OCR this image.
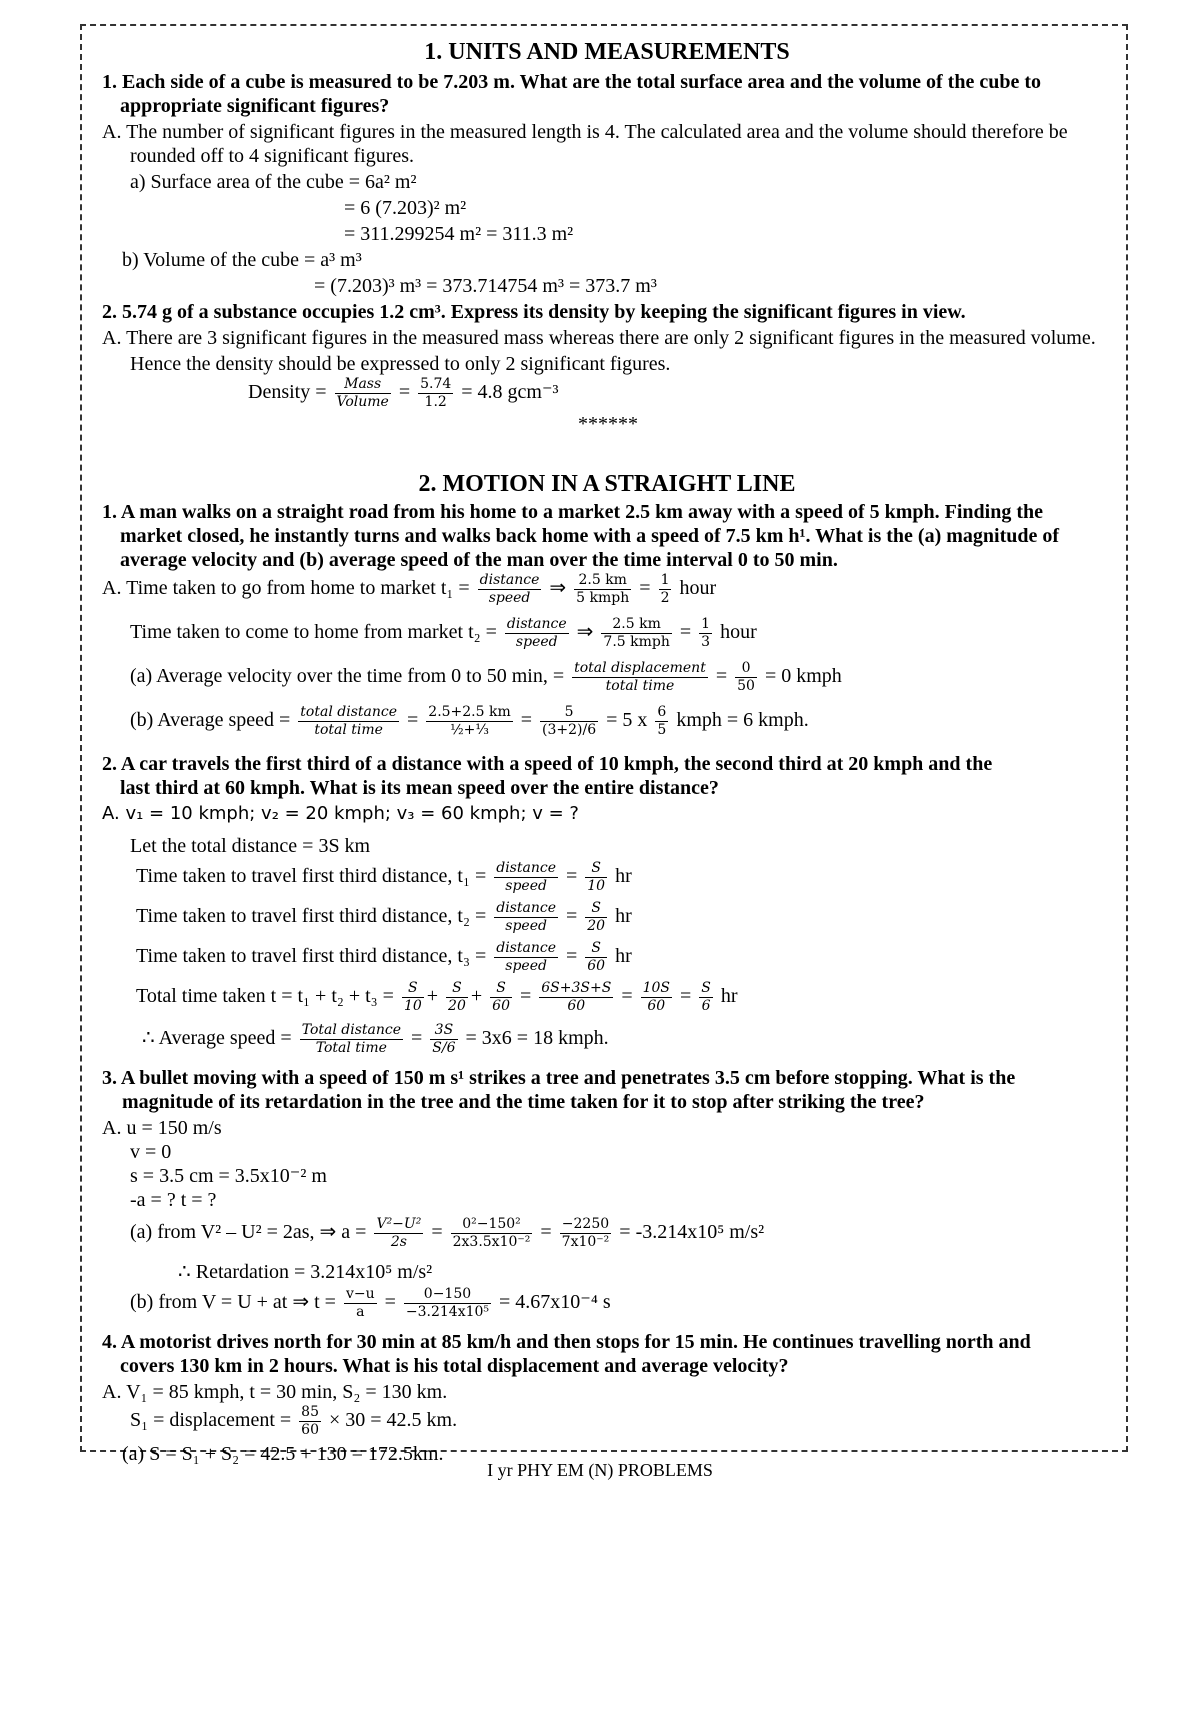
1. UNITS AND MEASUREMENTS
1. Each side of a cube is measured to be 7.203 m. What are the total surface area and the volume of the cube to
appropriate significant figures?
A. The number of significant figures in the measured length is 4. The calculated area and the volume should therefore be
rounded off to 4 significant figures.
a) Surface area of the cube = 6a² m²
= 6 (7.203)² m²
= 311.299254 m² = 311.3 m²
b) Volume of the cube = a³ m³
= (7.203)³ m³ = 373.714754 m³ = 373.7 m³
2. 5.74 g of a substance occupies 1.2 cm³. Express its density by keeping the significant figures in view.
A. There are 3 significant figures in the measured mass whereas there are only 2 significant figures in the measured volume.
Hence the density should be expressed to only 2 significant figures.
Density = $\frac{\text{Mass}}{\text{Volume}} = \frac{5.74}{1.2} = 4.8$ gcm⁻³
******
2. MOTION IN A STRAIGHT LINE
1. A man walks on a straight road from his home to a market 2.5 km away with a speed of 5 kmph. Finding the
market closed, he instantly turns and walks back home with a speed of 7.5 km h¹. What is the (a) magnitude of
average velocity and (b) average speed of the man over the time interval 0 to 50 min.
A. Time taken to go from home to market $t_1 = \frac{\text{distance}}{\text{speed}}$ ⇒ $\frac{2.5 km}{\text{5 kmph}} = \frac{1}{2}$ hour
Time taken to come to home from market $t_2 = \frac{\text{distance}}{\text{speed}}$ ⇒ $\frac{2.5 km}{\text{7.5 kmph}} = \frac{1}{3}$ hour
(a) Average velocity over the time from 0 to 50 min, = $\frac{\text{total displacement}}{\text{total time}} = \frac{0}{50} = 0$ kmph
(b) Average speed = $\frac{\text{total distance}}{\text{total time}} = \frac{2.5+2.5 km}{\text{½+⅓}} = \frac{5}{(3+2)/6} = 5$ x $\frac{6}{5}$ kmph = 6 kmph.
2. A car travels the first third of a distance with a speed of 10 kmph, the second third at 20 kmph and the
last third at 60 kmph. What is its mean speed over the entire distance?
A. v₁ = 10 kmph; v₂ = 20 kmph; v₃ = 60 kmph; v = ?
Let the total distance = 3S km
Time taken to travel first third distance, $t_1 = \frac{\text{distance}}{\text{speed}} = \frac{S}{10}$ hr
Time taken to travel first third distance, $t_2 = \frac{\text{distance}}{\text{speed}} = \frac{S}{20}$ hr
Time taken to travel first third distance, $t_3 = \frac{\text{distance}}{\text{speed}} = \frac{S}{60}$ hr
Total time taken $t = t_1 + t_2 + t_3 = \frac{S}{10} + \frac{S}{20} + \frac{S}{60} = \frac{6S+3S+S}{60} = \frac{10S}{60} = \frac{S}{6}$ hr
∴ Average speed = $\frac{\text{Total distance}}{\text{Total time}} = \frac{3S}{S/6} = 3x6 = 18$ kmph.
3. A bullet moving with a speed of 150 m s¹ strikes a tree and penetrates 3.5 cm before stopping. What is the
magnitude of its retardation in the tree and the time taken for it to stop after striking the tree?
A. u = 150 m/s
v = 0
s = 3.5 cm = 3.5x10⁻² m
-a = ? t = ?
(a) from V² – U² = 2as, ⇒ $a = \frac{\text{V²−U²}}{2s} = \frac{\text{0²−150²}}{\text{2x3.5x10⁻²}} = \frac{-2250}{\text{7x10⁻²}} = -3.214x10^5$ m/s²
∴ Retardation = 3.214x10⁵ m/s²
(b) from V = U + at ⇒ $t = \frac{v-u}{a} = \frac{0-150}{\text{−3.214x10⁵}} = 4.67x10^{-4}$ s
4. A motorist drives north for 30 min at 85 km/h and then stops for 15 min. He continues travelling north and
covers 130 km in 2 hours. What is his total displacement and average velocity?
A. V₁ = 85 kmph, t = 30 min, S₂ = 130 km.
S₁ = displacement = $\frac{85}{60} \times 30 = 42.5$ km.
(a) S = S₁ + S₂ = 42.5 + 130 = 172.5km.
I yr PHY EM (N) PROBLEMS
